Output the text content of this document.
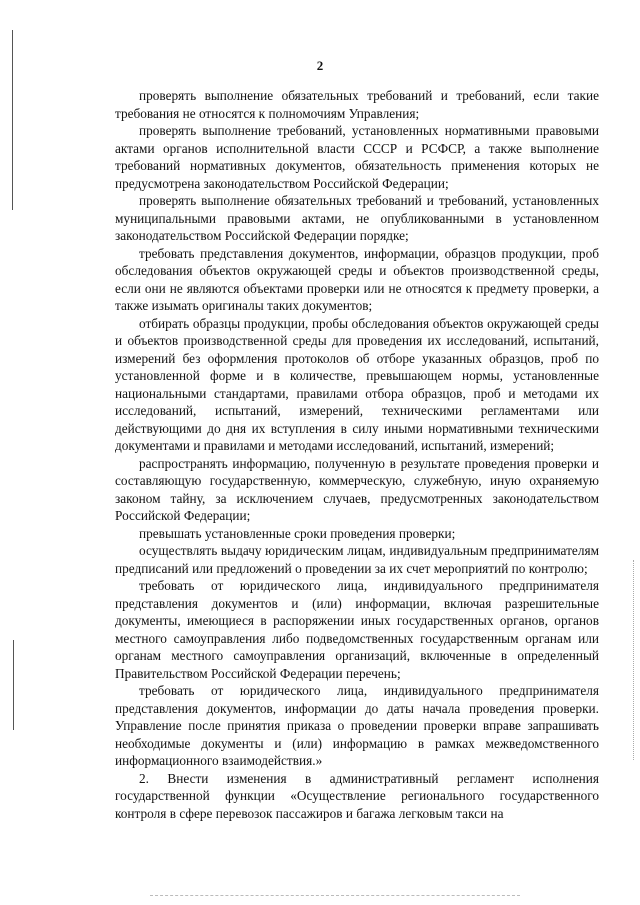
2

проверять выполнение обязательных требований и требований, если такие требования не относятся к полномочиям Управления;

проверять выполнение требований, установленных нормативными правовыми актами органов исполнительной власти СССР и РСФСР, а также выполнение требований нормативных документов, обязательность применения которых не предусмотрена законодательством Российской Федерации;

проверять выполнение обязательных требований и требований, установленных муниципальными правовыми актами, не опубликованными в установленном законодательством Российской Федерации порядке;

требовать представления документов, информации, образцов продукции, проб обследования объектов окружающей среды и объектов производственной среды, если они не являются объектами проверки или не относятся к предмету проверки, а также изымать оригиналы таких документов;

отбирать образцы продукции, пробы обследования объектов окружающей среды и объектов производственной среды для проведения их исследований, испытаний, измерений без оформления протоколов об отборе указанных образцов, проб по установленной форме и в количестве, превышающем нормы, установленные национальными стандартами, правилами отбора образцов, проб и методами их исследований, испытаний, измерений, техническими регламентами или действующими до дня их вступления в силу иными нормативными техническими документами и правилами и методами исследований, испытаний, измерений;

распространять информацию, полученную в результате проведения проверки и составляющую государственную, коммерческую, служебную, иную охраняемую законом тайну, за исключением случаев, предусмотренных законодательством Российской Федерации;

превышать установленные сроки проведения проверки;

осуществлять выдачу юридическим лицам, индивидуальным предпринимателям предписаний или предложений о проведении за их счет мероприятий по контролю;

требовать от юридического лица, индивидуального предпринимателя представления документов и (или) информации, включая разрешительные документы, имеющиеся в распоряжении иных государственных органов, органов местного самоуправления либо подведомственных государственным органам или органам местного самоуправления организаций, включенные в определенный Правительством Российской Федерации перечень;

требовать от юридического лица, индивидуального предпринимателя представления документов, информации до даты начала проведения проверки. Управление после принятия приказа о проведении проверки вправе запрашивать необходимые документы и (или) информацию в рамках межведомственного информационного взаимодействия.»

2. Внести изменения в административный регламент исполнения государственной функции «Осуществление регионального государственного контроля в сфере перевозок пассажиров и багажа легковым такси на
